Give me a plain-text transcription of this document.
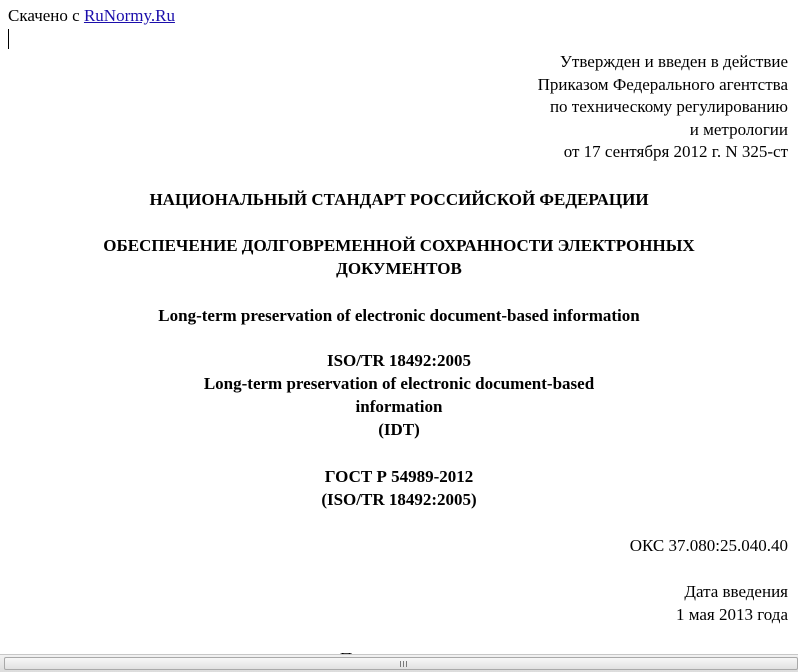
Скачено с RuNormy.Ru
Утвержден и введен в действие
Приказом Федерального агентства
по техническому регулированию
и метрологии
от 17 сентября 2012 г. N 325-ст
НАЦИОНАЛЬНЫЙ СТАНДАРТ РОССИЙСКОЙ ФЕДЕРАЦИИ
ОБЕСПЕЧЕНИЕ ДОЛГОВРЕМЕННОЙ СОХРАННОСТИ ЭЛЕКТРОННЫХ
ДОКУМЕНТОВ
Long-term preservation of electronic document-based information
ISO/TR 18492:2005
Long-term preservation of electronic document-based
information
(IDT)
ГОСТ Р 54989-2012
(ISO/TR 18492:2005)
ОКС 37.080:25.040.40
Дата введения
1 мая 2013 года
